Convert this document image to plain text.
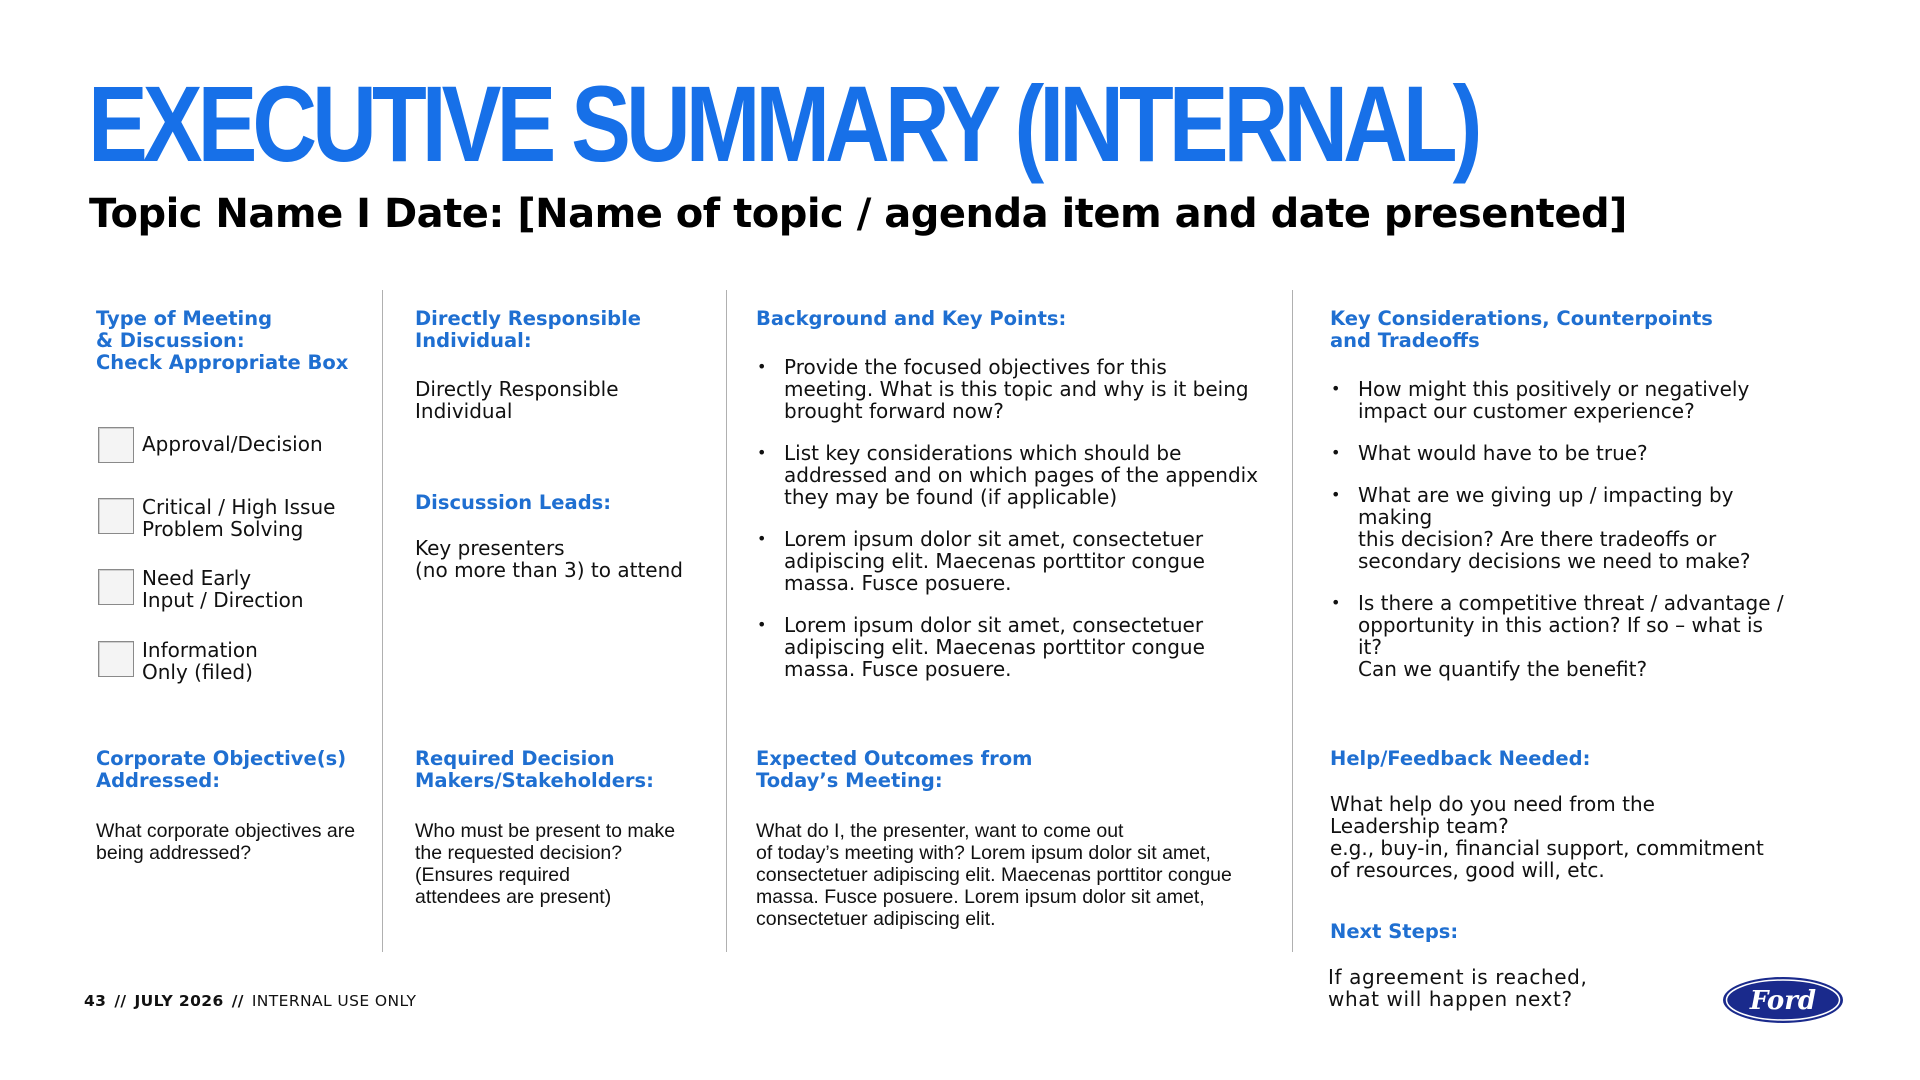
EXECUTIVE SUMMARY (INTERNAL)
Topic Name I Date: [Name of topic / agenda item and date presented]
Type of Meeting
& Discussion:
Check Appropriate Box
Approval/Decision
Critical / High Issue
Problem Solving
Need Early
Input / Direction
Information
Only (filed)
Corporate Objective(s)
Addressed:
What corporate objectives are
being addressed?
Directly Responsible
Individual:
Directly Responsible
Individual
Discussion Leads:
Key presenters
(no more than 3) to attend
Required Decision
Makers/Stakeholders:
Who must be present to make
the requested decision?
(Ensures required
attendees are present)
Background and Key Points:
• Provide the focused objectives for this
meeting. What is this topic and why is it being
brought forward now?
• List key considerations which should be
addressed and on which pages of the appendix
they may be found (if applicable)
• Lorem ipsum dolor sit amet, consectetuer
adipiscing elit. Maecenas porttitor congue
massa. Fusce posuere.
• Lorem ipsum dolor sit amet, consectetuer
adipiscing elit. Maecenas porttitor congue
massa. Fusce posuere.
Expected Outcomes from
Today’s Meeting:
What do I, the presenter, want to come out
of today’s meeting with? Lorem ipsum dolor sit amet,
consectetuer adipiscing elit. Maecenas porttitor congue
massa. Fusce posuere. Lorem ipsum dolor sit amet,
consectetuer adipiscing elit.
Key Considerations, Counterpoints
and Tradeoffs
• How might this positively or negatively
impact our customer experience?
• What would have to be true?
• What are we giving up / impacting by
making
this decision? Are there tradeoffs or
secondary decisions we need to make?
• Is there a competitive threat / advantage /
opportunity in this action? If so – what is
it?
Can we quantify the benefit?
Help/Feedback Needed:
What help do you need from the
Leadership team?
e.g., buy-in, financial support, commitment
of resources, good will, etc.
Next Steps:
If agreement is reached,
what will happen next?
43 // JULY 2026 // INTERNAL USE ONLY	Ford
